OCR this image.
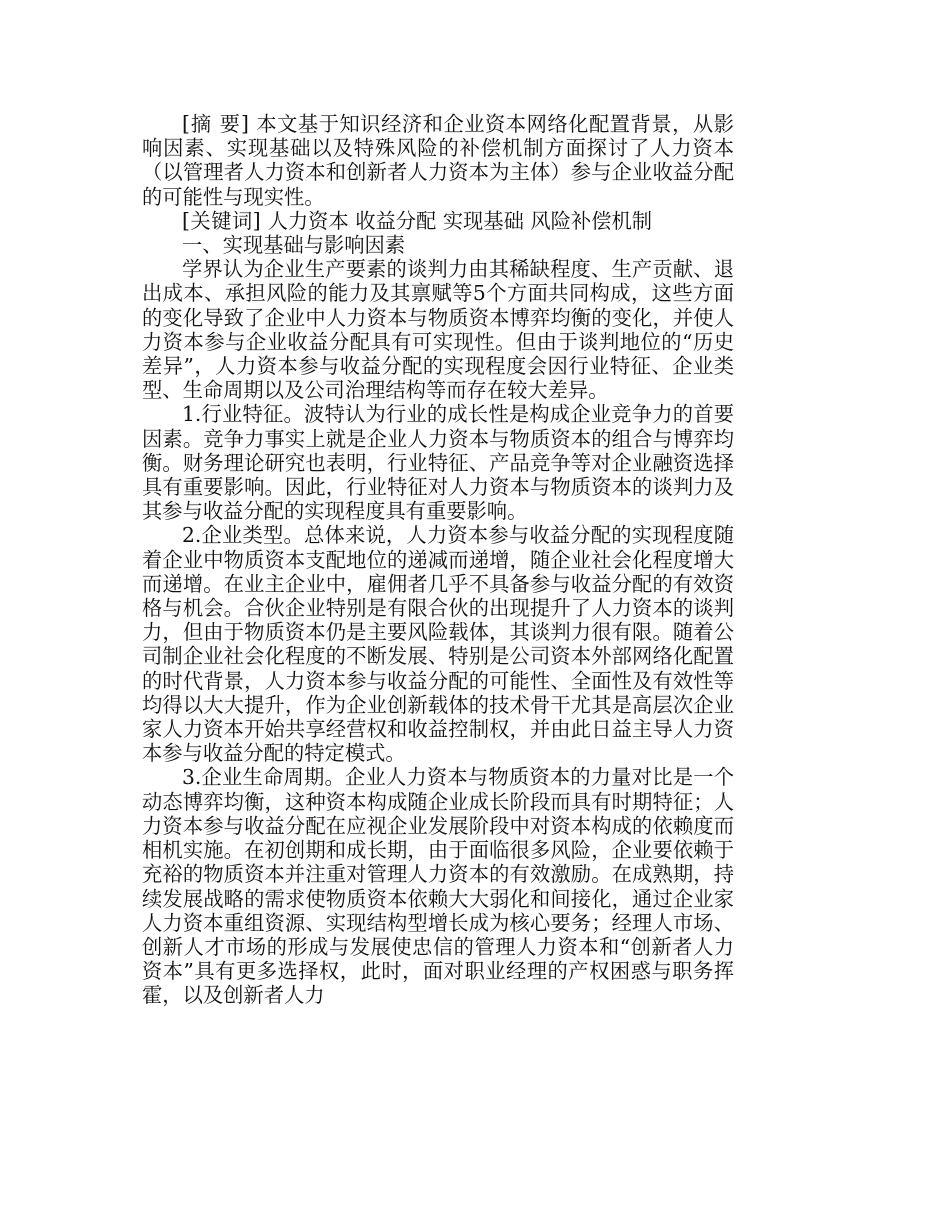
[摘 要] 本文基于知识经济和企业资本网络化配置背景，从影响因素、实现基础以及特殊风险的补偿机制方面探讨了人力资本（以管理者人力资本和创新者人力资本为主体）参与企业收益分配的可能性与现实性。

[关键词] 人力资本 收益分配 实现基础 风险补偿机制

一、实现基础与影响因素

学界认为企业生产要素的谈判力由其稀缺程度、生产贡献、退出成本、承担风险的能力及其禀赋等5个方面共同构成，这些方面的变化导致了企业中人力资本与物质资本博弈均衡的变化，并使人力资本参与企业收益分配具有可实现性。但由于谈判地位的“历史差异”，人力资本参与收益分配的实现程度会因行业特征、企业类型、生命周期以及公司治理结构等而存在较大差异。

1.行业特征。波特认为行业的成长性是构成企业竞争力的首要因素。竞争力事实上就是企业人力资本与物质资本的组合与博弈均衡。财务理论研究也表明，行业特征、产品竞争等对企业融资选择具有重要影响。因此，行业特征对人力资本与物质资本的谈判力及其参与收益分配的实现程度具有重要影响。

2.企业类型。总体来说，人力资本参与收益分配的实现程度随着企业中物质资本支配地位的递减而递增，随企业社会化程度增大而递增。在业主企业中，雇佣者几乎不具备参与收益分配的有效资格与机会。合伙企业特别是有限合伙的出现提升了人力资本的谈判力，但由于物质资本仍是主要风险载体，其谈判力很有限。随着公司制企业社会化程度的不断发展、特别是公司资本外部网络化配置的时代背景，人力资本参与收益分配的可能性、全面性及有效性等均得以大大提升，作为企业创新载体的技术骨干尤其是高层次企业家人力资本开始共享经营权和收益控制权，并由此日益主导人力资本参与收益分配的特定模式。

3.企业生命周期。企业人力资本与物质资本的力量对比是一个动态博弈均衡，这种资本构成随企业成长阶段而具有时期特征；人力资本参与收益分配在应视企业发展阶段中对资本构成的依赖度而相机实施。在初创期和成长期，由于面临很多风险，企业要依赖于充裕的物质资本并注重对管理人力资本的有效激励。在成熟期，持续发展战略的需求使物质资本依赖大大弱化和间接化，通过企业家人力资本重组资源、实现结构型增长成为核心要务；经理人市场、创新人才市场的形成与发展使忠信的管理人力资本和“创新者人力资本”具有更多选择权，此时，面对职业经理的产权困惑与职务挥霍，以及创新者人力
